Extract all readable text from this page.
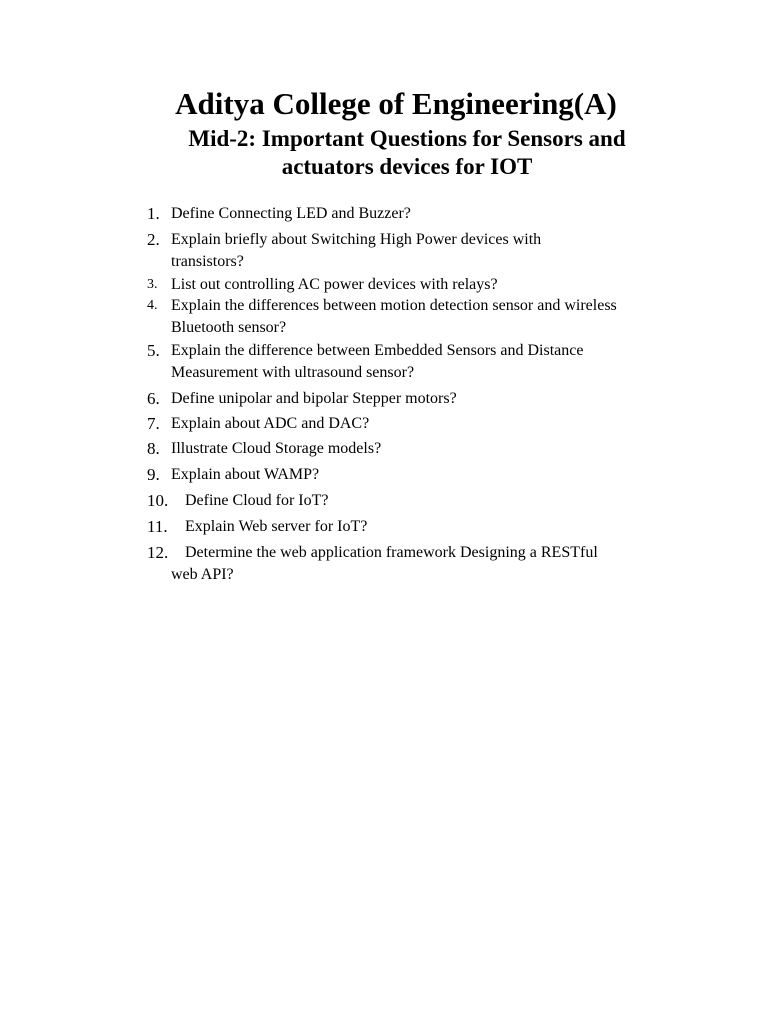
Aditya College of Engineering(A)
Mid-2: Important Questions for Sensors and
actuators devices for IOT
1. Define Connecting LED and Buzzer?
2. Explain briefly about Switching High Power devices with
transistors?
3. List out controlling AC power devices with relays?
4. Explain the differences between motion detection sensor and wireless
Bluetooth sensor?
5. Explain the difference between Embedded Sensors and Distance
Measurement with ultrasound sensor?
6. Define unipolar and bipolar Stepper motors?
7. Explain about ADC and DAC?
8. Illustrate Cloud Storage models?
9. Explain about WAMP?
10. Define Cloud for IoT?
11. Explain Web server for IoT?
12. Determine the web application framework Designing a RESTful
web API?
